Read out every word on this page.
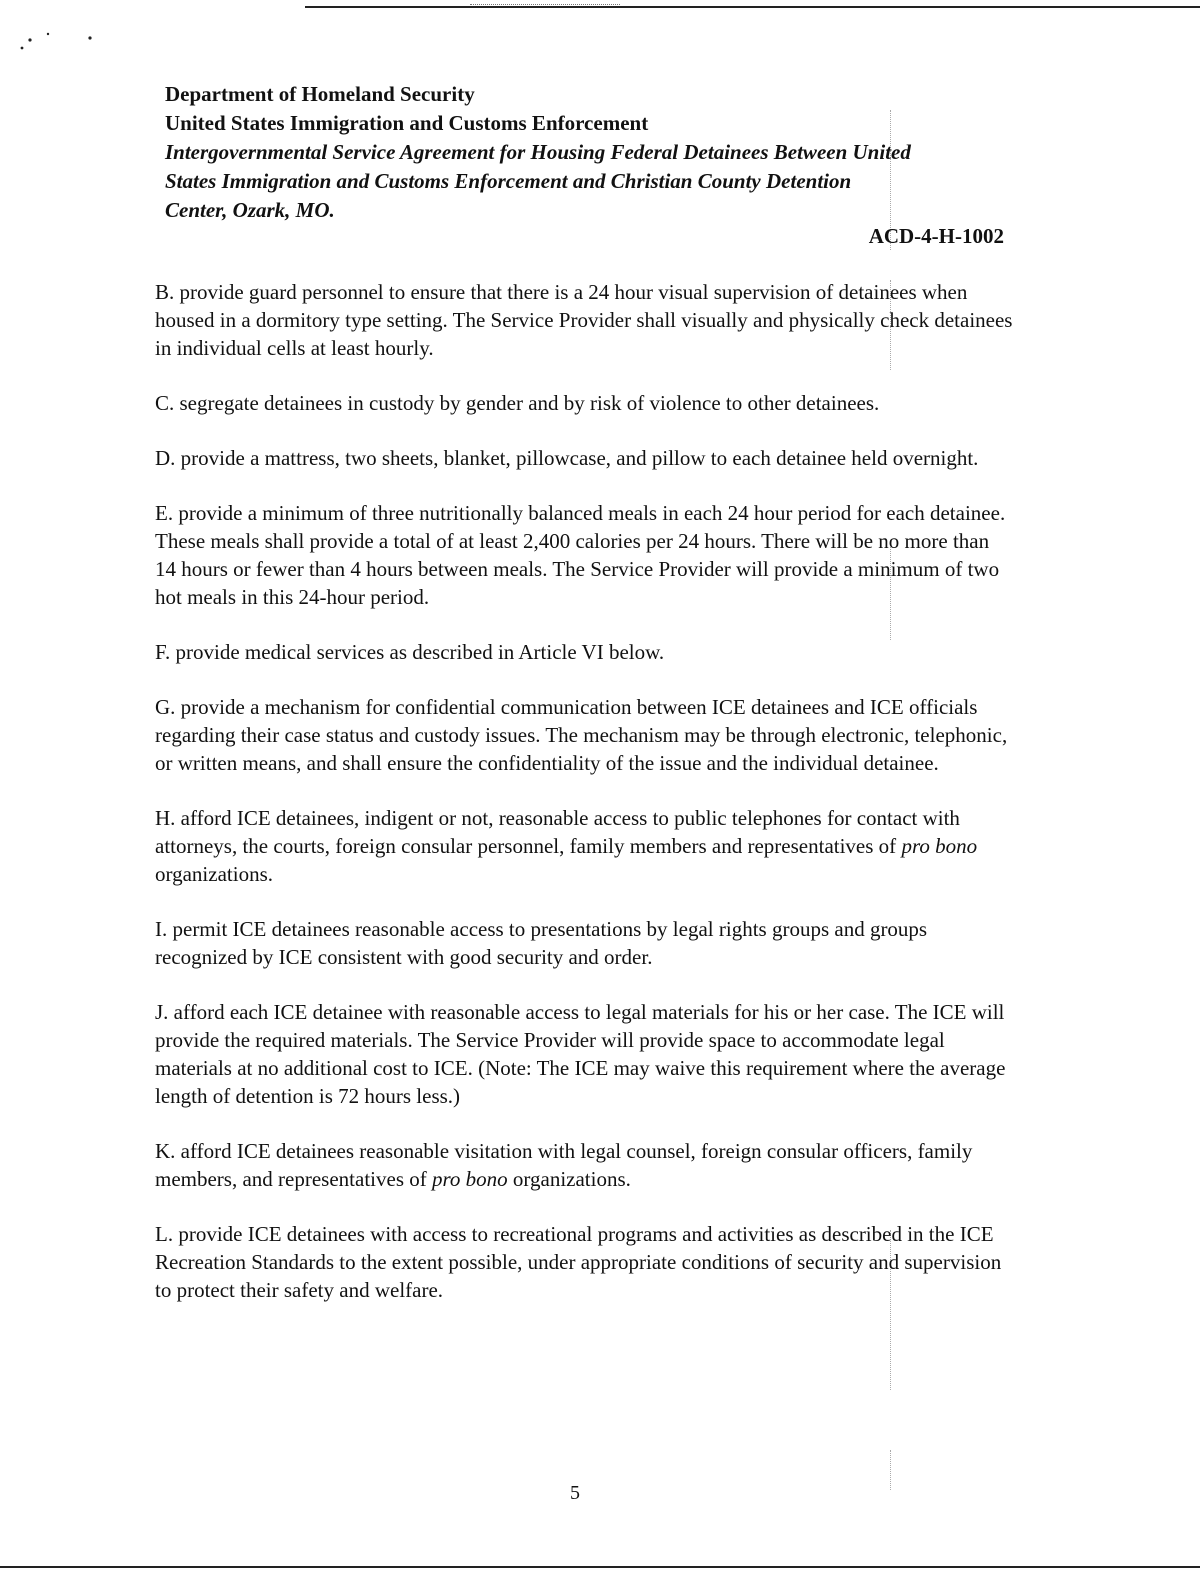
Department of Homeland Security
United States Immigration and Customs Enforcement
Intergovernmental Service Agreement for Housing Federal Detainees Between United
States Immigration and Customs Enforcement and Christian County Detention
Center, Ozark, MO.
ACD-4-H-1002

B. provide guard personnel to ensure that there is a 24 hour visual supervision of detainees when housed in a dormitory type setting. The Service Provider shall visually and physically check detainees in individual cells at least hourly.

C. segregate detainees in custody by gender and by risk of violence to other detainees.

D. provide a mattress, two sheets, blanket, pillowcase, and pillow to each detainee held overnight.

E. provide a minimum of three nutritionally balanced meals in each 24 hour period for each detainee. These meals shall provide a total of at least 2,400 calories per 24 hours. There will be no more than 14 hours or fewer than 4 hours between meals. The Service Provider will provide a minimum of two hot meals in this 24-hour period.

F. provide medical services as described in Article VI below.

G. provide a mechanism for confidential communication between ICE detainees and ICE officials regarding their case status and custody issues. The mechanism may be through electronic, telephonic, or written means, and shall ensure the confidentiality of the issue and the individual detainee.

H. afford ICE detainees, indigent or not, reasonable access to public telephones for contact with attorneys, the courts, foreign consular personnel, family members and representatives of pro bono organizations.

I. permit ICE detainees reasonable access to presentations by legal rights groups and groups recognized by ICE consistent with good security and order.

J. afford each ICE detainee with reasonable access to legal materials for his or her case. The ICE will provide the required materials. The Service Provider will provide space to accommodate legal materials at no additional cost to ICE. (Note: The ICE may waive this requirement where the average length of detention is 72 hours less.)

K. afford ICE detainees reasonable visitation with legal counsel, foreign consular officers, family members, and representatives of pro bono organizations.

L. provide ICE detainees with access to recreational programs and activities as described in the ICE Recreation Standards to the extent possible, under appropriate conditions of security and supervision to protect their safety and welfare.

5
